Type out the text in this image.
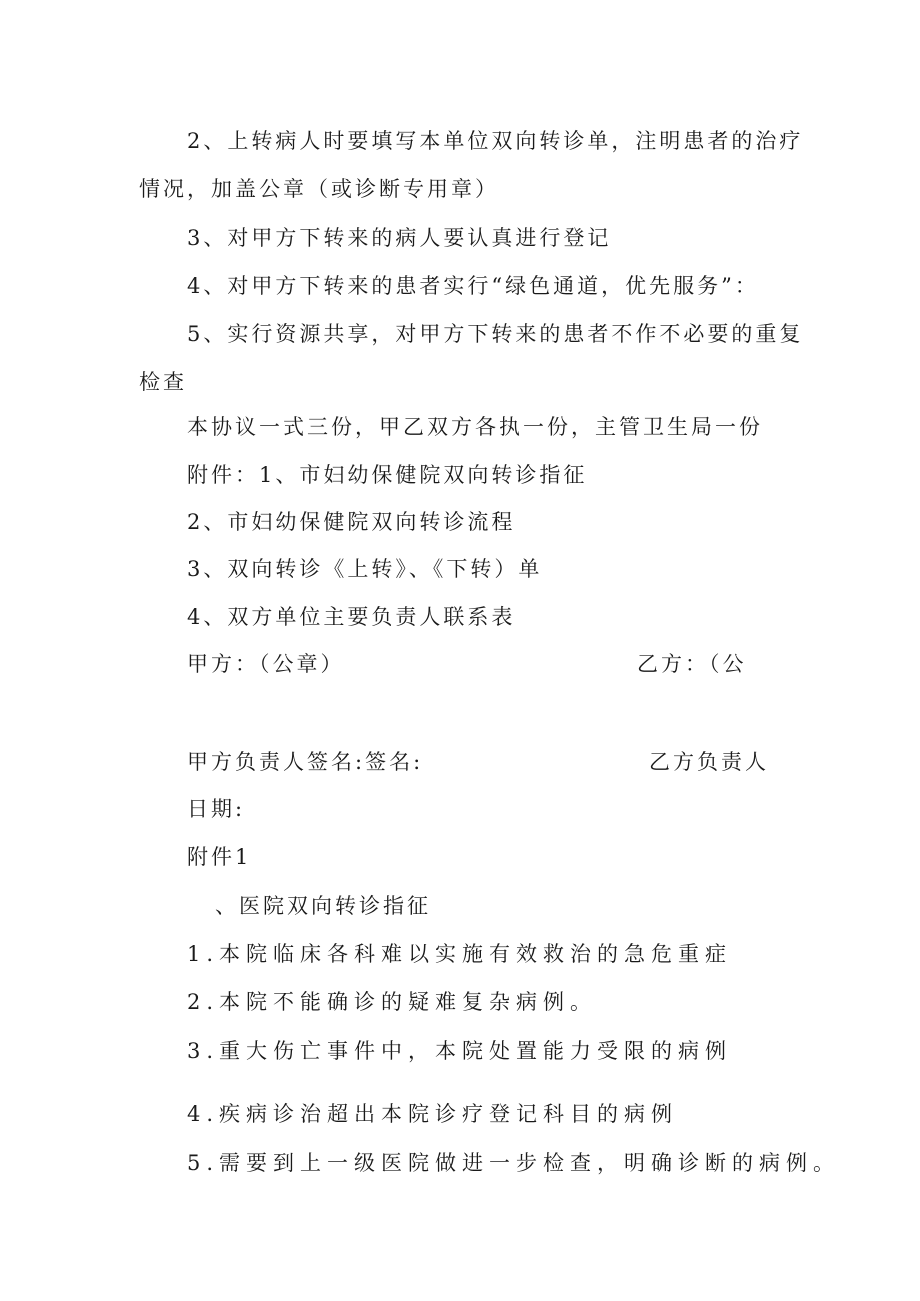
2、上转病人时要填写本单位双向转诊单，注明患者的治疗
情况，加盖公章（或诊断专用章）
3、对甲方下转来的病人要认真进行登记
4、对甲方下转来的患者实行“绿色通道，优先服务”：
5、实行资源共享，对甲方下转来的患者不作不必要的重复
检查
本协议一式三份，甲乙双方各执一份，主管卫生局一份
附件：1、市妇幼保健院双向转诊指征
2、市妇幼保健院双向转诊流程
3、双向转诊《上转》、《下转）单
4、双方单位主要负责人联系表
甲方：（公章）	乙方：（公
甲方负责人签名:签名:	乙方负责人
日期:
附件1
、医院双向转诊指征
1.本院临床各科难以实施有效救治的急危重症
2.本院不能确诊的疑难复杂病例。
3.重大伤亡事件中，本院处置能力受限的病例
4.疾病诊治超出本院诊疗登记科目的病例
5.需要到上一级医院做进一步检查，明确诊断的病例。
